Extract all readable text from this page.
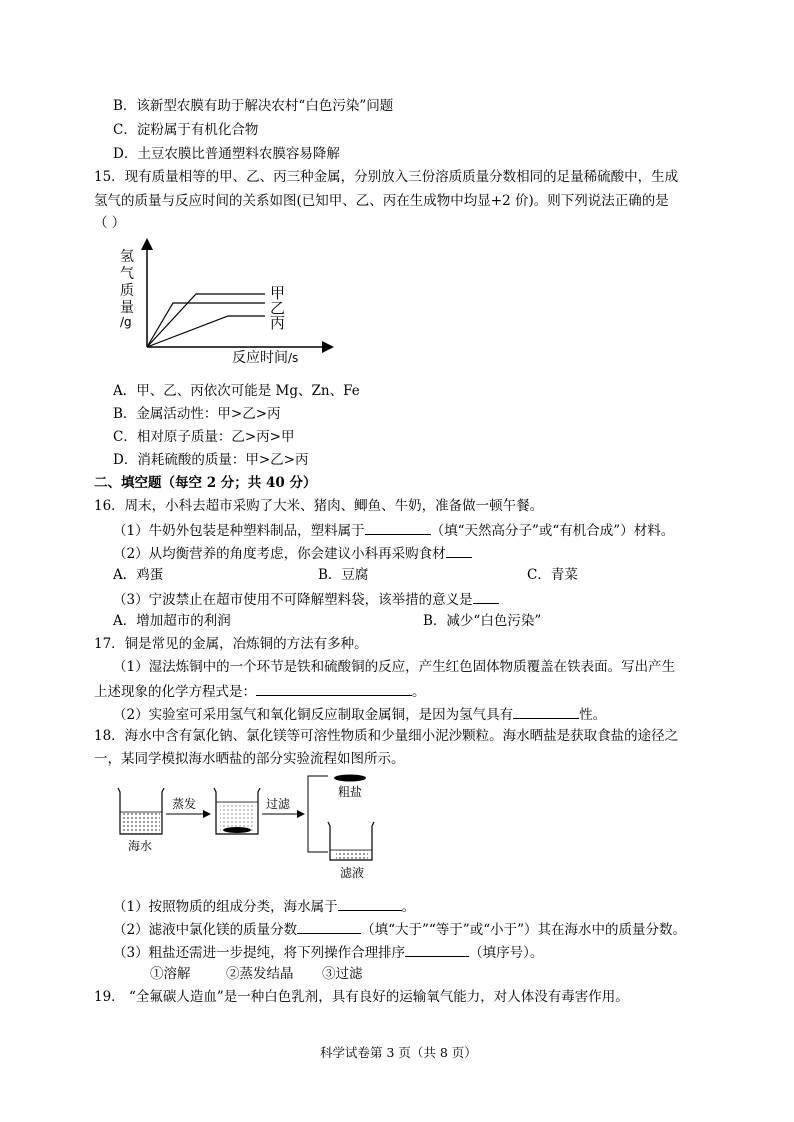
B．该新型农膜有助于解决农村“白色污染”问题
C．淀粉属于有机化合物
D．土豆农膜比普通塑料农膜容易降解
15．现有质量相等的甲、乙、丙三种金属，分别放入三份溶质质量分数相同的足量稀硫酸中，生成
氢气的质量与反应时间的关系如图(已知甲、乙、丙在生成物中均显+2 价)。则下列说法正确的是
（ ）
甲
乙
丙
氢
气
质
量
/g
反应时间 /s
A．甲、乙、丙依次可能是 Mg、Zn、Fe
B．金属活动性：甲>乙>丙
C．相对原子质量：乙>丙>甲
D．消耗硫酸的质量：甲>乙>丙
二、填空题（每空 2 分；共 40 分）
16．周末，小科去超市采购了大米、猪肉、鲫鱼、牛奶，准备做一顿午餐。
（1）牛奶外包装是种塑料制品，塑料属于	（填“天然高分子”或“有机合成”）材料。
（2）从均衡营养的角度考虑，你会建议小科再采购食材
A．鸡蛋	B．豆腐	C．青菜
（3）宁波禁止在超市使用不可降解塑料袋，该举措的意义是
A．增加超市的利润	B．减少“白色污染”
17．铜是常见的金属，冶炼铜的方法有多种。
（1）湿法炼铜中的一个环节是铁和硫酸铜的反应，产生红色固体物质覆盖在铁表面。写出产生
上述现象的化学方程式是：	。
（2）实验室可采用氢气和氧化铜反应制取金属铜，是因为氢气具有	性。
18．海水中含有氯化钠、氯化镁等可溶性物质和少量细小泥沙颗粒。海水晒盐是获取食盐的途径之
一，某同学模拟海水晒盐的部分实验流程如图所示。
海水
蒸发	过滤
粗盐
滤液
（1）按照物质的组成分类，海水属于	。
（2）滤液中氯化镁的质量分数	（填“大于”“等于”或“小于”）其在海水中的质量分数。
（3）粗盐还需进一步提纯，将下列操作合理排序	（填序号）。
①溶解	②蒸发结晶 ③过滤
19． “全氟碳人造血”是一种白色乳剂，具有良好的运输氧气能力，对人体没有毒害作用。
科学试卷第 3 页（共 8 页）
